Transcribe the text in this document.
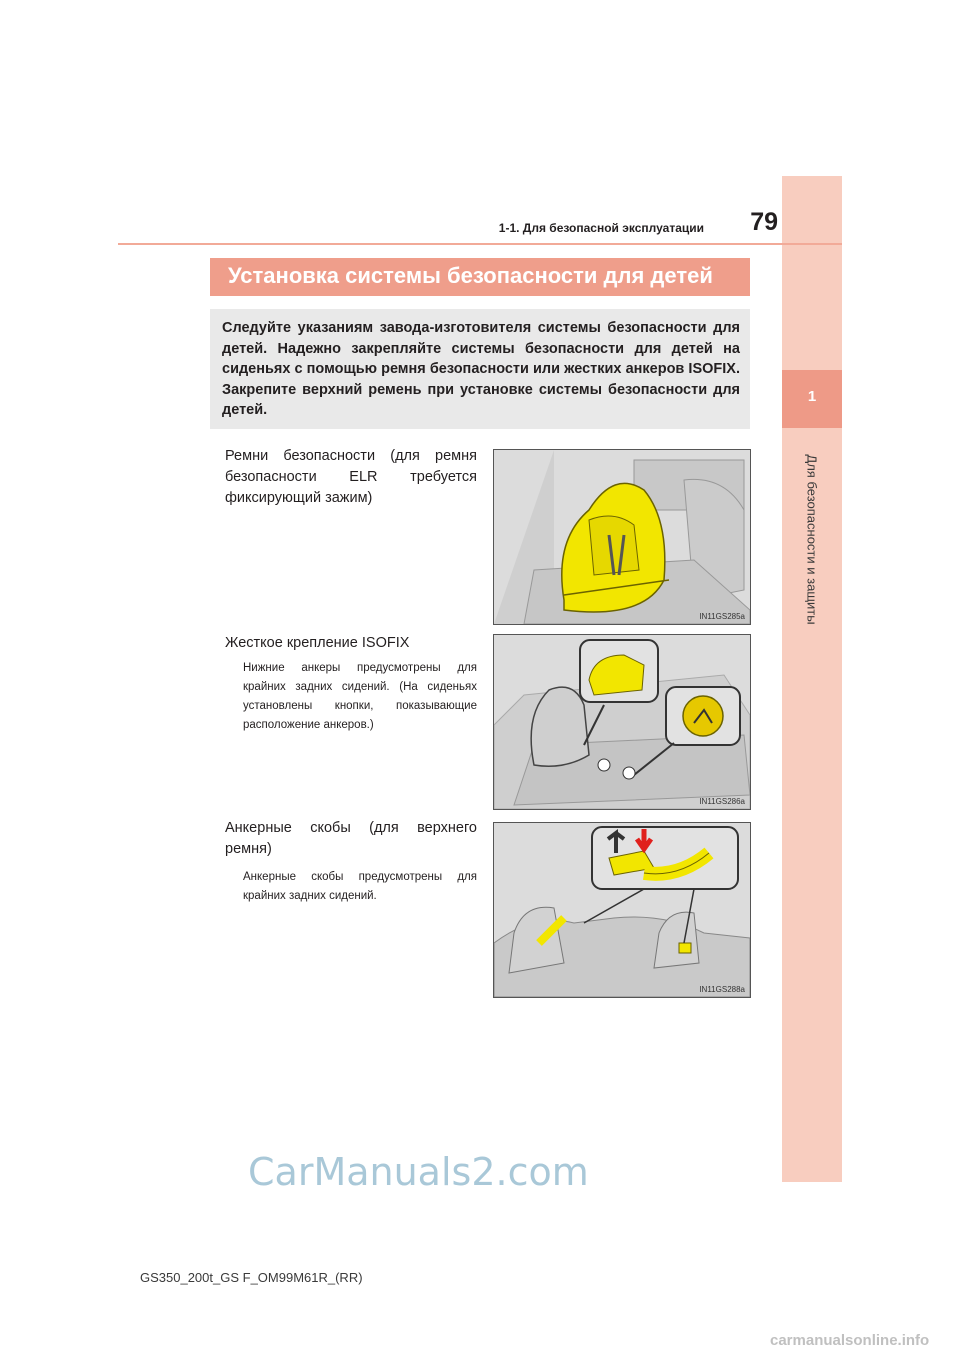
1
Для безопасности и защиты
79
1-1. Для безопасной эксплуатации
Установка системы безопасности для детей
Следуйте указаниям завода-изготовителя системы безопасности для детей. Надежно закрепляйте системы безопасности для детей на сиденьях с помощью ремня безопасности или жестких анкеров ISOFIX. Закрепите верхний ремень при установке системы безопасности для детей.
Ремни безопасности (для ремня безопасности ELR требуется фиксирующий зажим)
IN11GS285a
Жесткое крепление ISOFIX
Нижние анкеры предусмотрены для крайних задних сидений. (На сиденьях установлены кнопки, показывающие расположение анкеров.)
IN11GS286a
Анкерные скобы (для верхнего ремня)
Анкерные скобы предусмотрены для крайних задних сидений.
IN11GS288a
CarManuals2.com
GS350_200t_GS F_OM99M61R_(RR)
carmanualsonline.info
